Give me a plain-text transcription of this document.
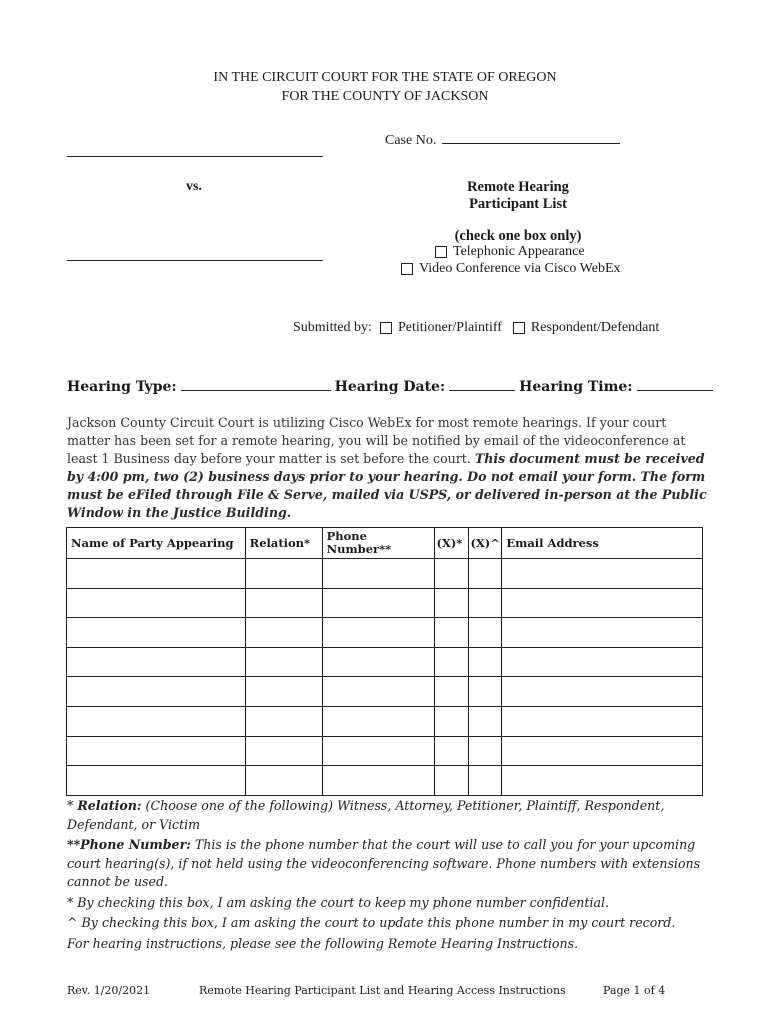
IN THE CIRCUIT COURT FOR THE STATE OF OREGON
FOR THE COUNTY OF JACKSON
Case No.
vs.	Remote Hearing
Participant List
(check one box only)
Telephonic Appearance
Video Conference via Cisco WebEx
Submitted by: Petitioner/Plaintiff Respondent/Defendant
Hearing Type:	Hearing Date:	Hearing Time:
Jackson County Circuit Court is utilizing Cisco WebEx for most remote hearings. If your court matter has been set for a remote hearing, you will be notified by email of the videoconference at least 1 Business day before your matter is set before the court. This document must be received by 4:00 pm, two (2) business days prior to your hearing. Do not email your form. The form must be eFiled through File & Serve, mailed via USPS, or delivered in-person at the Public Window in the Justice Building.
Name of Party Appearing	Relation*	Phone Number**	(X)*	(X)^	Email Address

* Relation: (Choose one of the following) Witness, Attorney, Petitioner, Plaintiff, Respondent, Defendant, or Victim

**Phone Number: This is the phone number that the court will use to call you for your upcoming court hearing(s), if not held using the videoconferencing software. Phone numbers with extensions cannot be used.

* By checking this box, I am asking the court to keep my phone number confidential.

^ By checking this box, I am asking the court to update this phone number in my court record.

For hearing instructions, please see the following Remote Hearing Instructions.

Rev. 1/20/2021	Remote Hearing Participant List and Hearing Access Instructions	Page 1 of 4
